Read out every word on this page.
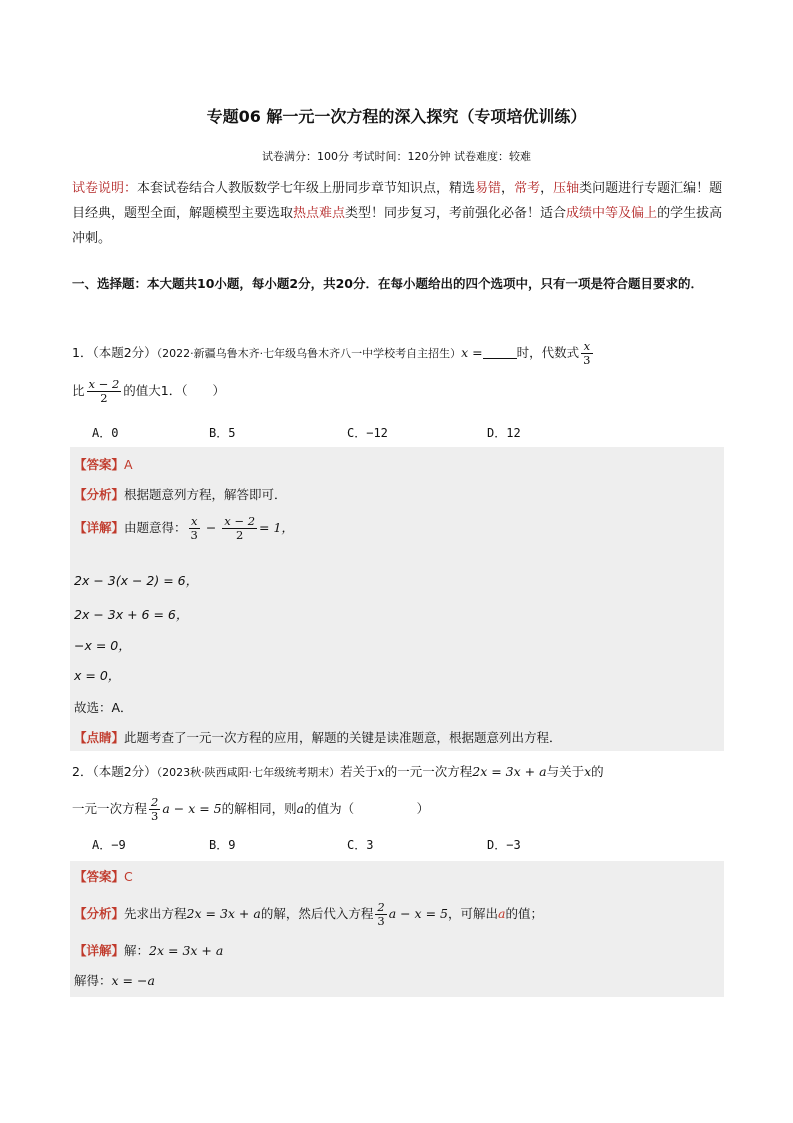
专题06 解一元一次方程的深入探究（专项培优训练）
试卷满分：100分 考试时间：120分钟 试卷难度：较难
试卷说明：本套试卷结合人教版数学七年级上册同步章节知识点，精选易错，常考，压轴类问题进行专题汇编！题目经典，题型全面，解题模型主要选取热点难点类型！同步复习，考前强化必备！适合成绩中等及偏上的学生拔高冲刺。
一、选择题：本大题共10小题，每小题2分，共20分．在每小题给出的四个选项中，只有一项是符合题目要求的．
1．（本题2分）（2022·新疆乌鲁木齐·七年级乌鲁木齐八一中学校考自主招生）x =	时，代数式 $\frac{x}{3}$
比 $\frac{x - 2}{2}$ 的值大1．（　　）
A．0	B．5	C．−12	D．12
【答案】A
【分析】根据题意列方程，解答即可．
【详解】由题意得： $\frac{x}{3} - \frac{x - 2}{2} = 1$，
2x − 3(x − 2) = 6，
2x − 3x + 6 = 6，
−x = 0，
x = 0，
故选：A．
【点睛】此题考查了一元一次方程的应用，解题的关键是读准题意，根据题意列出方程．
2．（本题2分）（2023秋·陕西咸阳·七年级统考期末）若关于x的一元一次方程2x = 3x + a与关于x的
一元一次方程 $\frac{2}{3}$ a − x = 5的解相同，则a的值为（　　　　　）
A．−9	B．9	C．3	D．−3
【答案】C
【分析】先求出方程2x = 3x + a的解，然后代入方程 $\frac{2}{3}$ a − x = 5，可解出a的值；
【详解】解：2x = 3x + a
解得：x = −a
